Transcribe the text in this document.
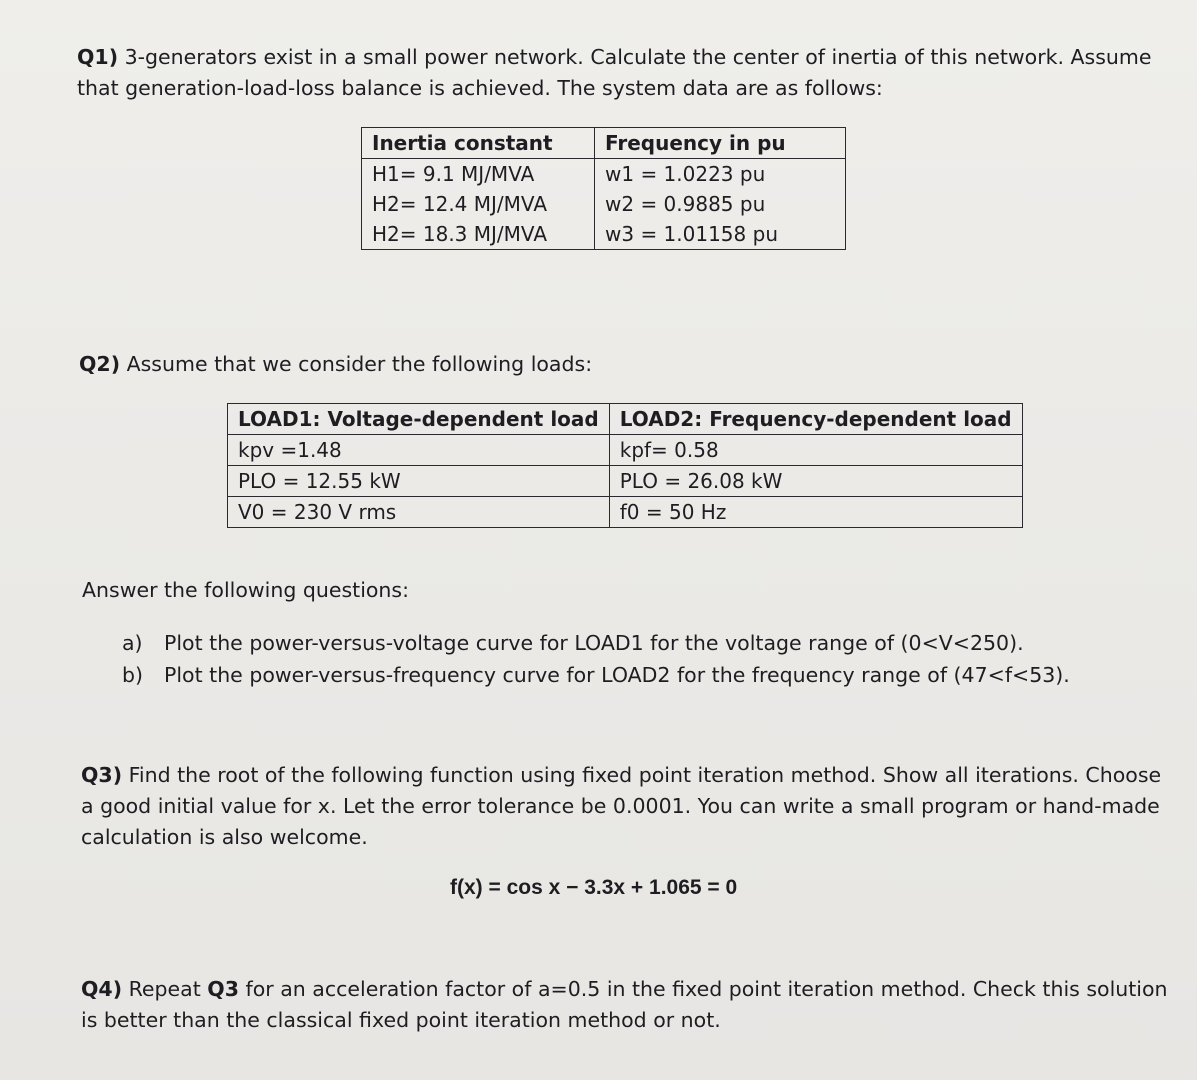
Q1) 3-generators exist in a small power network. Calculate the center of inertia of this network. Assume
that generation-load-loss balance is achieved. The system data are as follows:
Inertia constant	Frequency in pu
H1= 9.1 MJ/MVA	w1 = 1.0223 pu
H2= 12.4 MJ/MVA	w2 = 0.9885 pu
H2= 18.3 MJ/MVA	w3 = 1.01158 pu
Q2) Assume that we consider the following loads:
LOAD1: Voltage-dependent load	LOAD2: Frequency-dependent load
kpv =1.48	kpf= 0.58
PLO = 12.55 kW	PLO = 26.08 kW
V0 = 230 V rms	f0 = 50 Hz
Answer the following questions:
a) Plot the power-versus-voltage curve for LOAD1 for the voltage range of (0<V<250).
b) Plot the power-versus-frequency curve for LOAD2 for the frequency range of (47<f<53).
Q3) Find the root of the following function using fixed point iteration method. Show all iterations. Choose
a good initial value for x. Let the error tolerance be 0.0001. You can write a small program or hand-made
calculation is also welcome.
f(x) = cos x − 3.3x + 1.065 = 0
Q4) Repeat Q3 for an acceleration factor of a=0.5 in the fixed point iteration method. Check this solution
is better than the classical fixed point iteration method or not.
